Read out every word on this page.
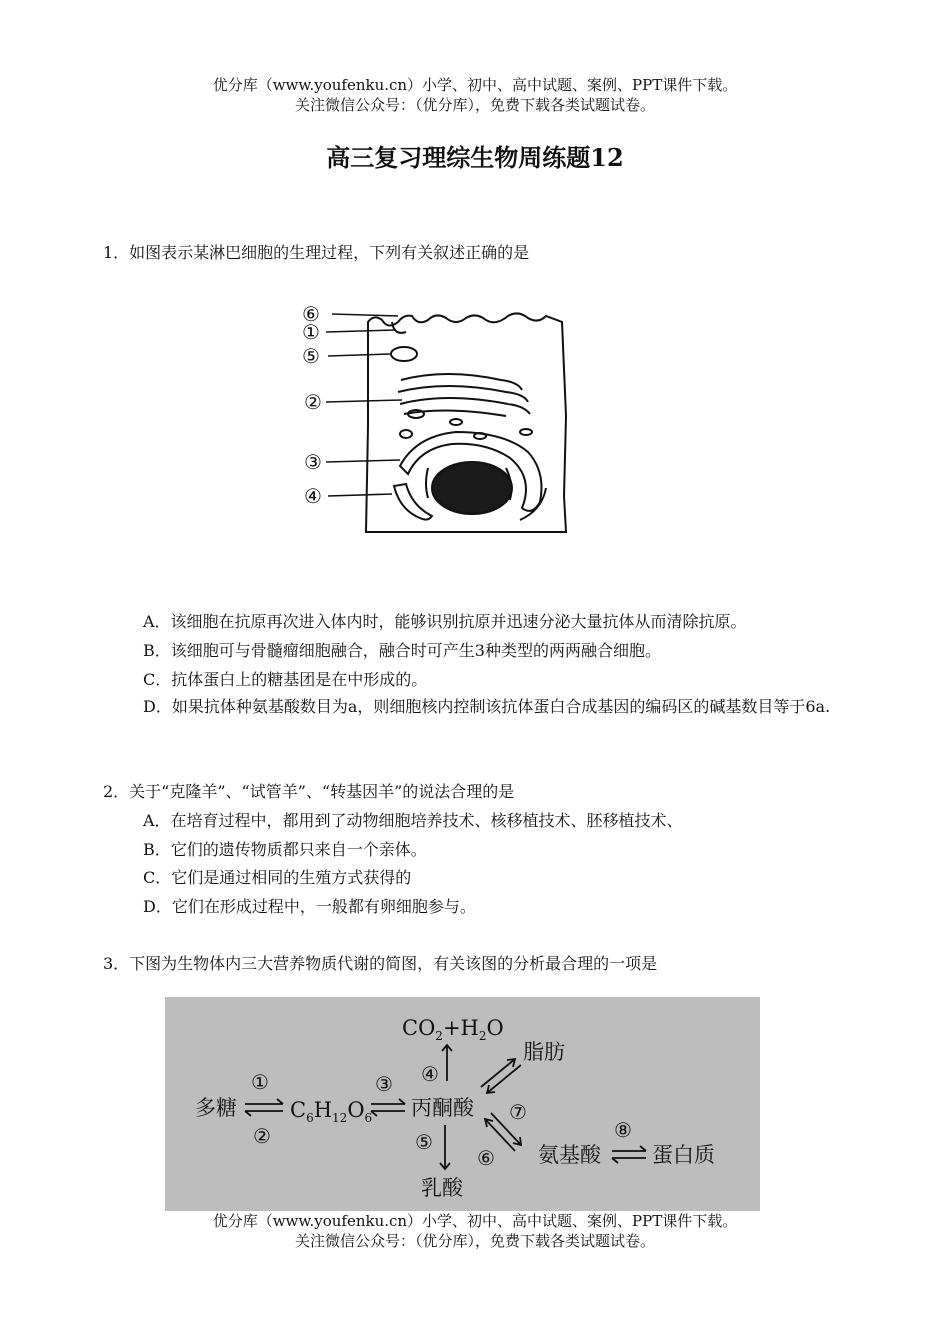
优分库（www.youfenku.cn）小学、初中、高中试题、案例、PPT课件下载。
关注微信公众号：（优分库），免费下载各类试题试卷。
高三复习理综生物周练题12
1．如图表示某淋巴细胞的生理过程，下列有关叙述正确的是
⑥
①
⑤
②
③
④
A．该细胞在抗原再次进入体内时，能够识别抗原并迅速分泌大量抗体从而清除抗原。
B．该细胞可与骨髓瘤细胞融合，融合时可产生3种类型的两两融合细胞。
C．抗体蛋白上的糖基团是在中形成的。
D．如果抗体种氨基酸数目为a，则细胞核内控制该抗体蛋白合成基因的编码区的碱基数目等于6a.
2．关于“克隆羊”、“试管羊”、“转基因羊”的说法合理的是
A．在培育过程中，都用到了动物细胞培养技术、核移植技术、胚移植技术、
B．它们的遗传物质都只来自一个亲体。
C．它们是通过相同的生殖方式获得的
D．它们在形成过程中，一般都有卵细胞参与。
3．下图为生物体内三大营养物质代谢的简图，有关该图的分析最合理的一项是
多糖	$C_6H_{12}O_6$ 丙酮酸
$CO_2+H_2O$
脂肪
乳酸
氨基酸 蛋白质
①
②
③ ④
⑤
⑥
⑦
⑧
优分库（www.youfenku.cn）小学、初中、高中试题、案例、PPT课件下载。
关注微信公众号：（优分库），免费下载各类试题试卷。
